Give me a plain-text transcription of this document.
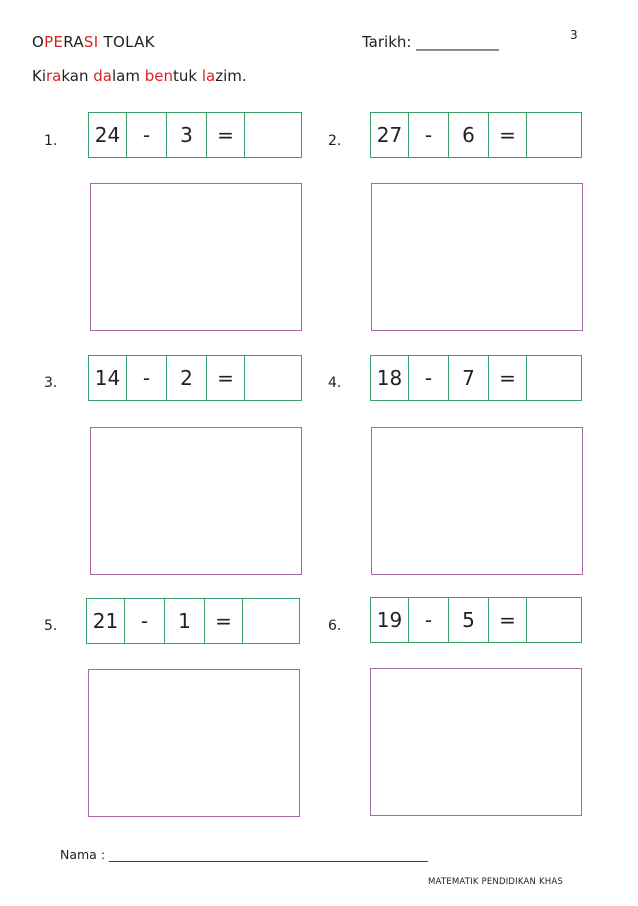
OPERASI TOLAK	Tarikh: ___________	3
Kirakan dalam bentuk lazim.
1. 24	-	3	=	2. 27	-	6	=
3. 14	-	2	=	4. 18	-	7	=
5. 21	-	1	=	6. 19	-	5	=
Nama : ___________________________________________________
MATEMATIK PENDIDIKAN KHAS
